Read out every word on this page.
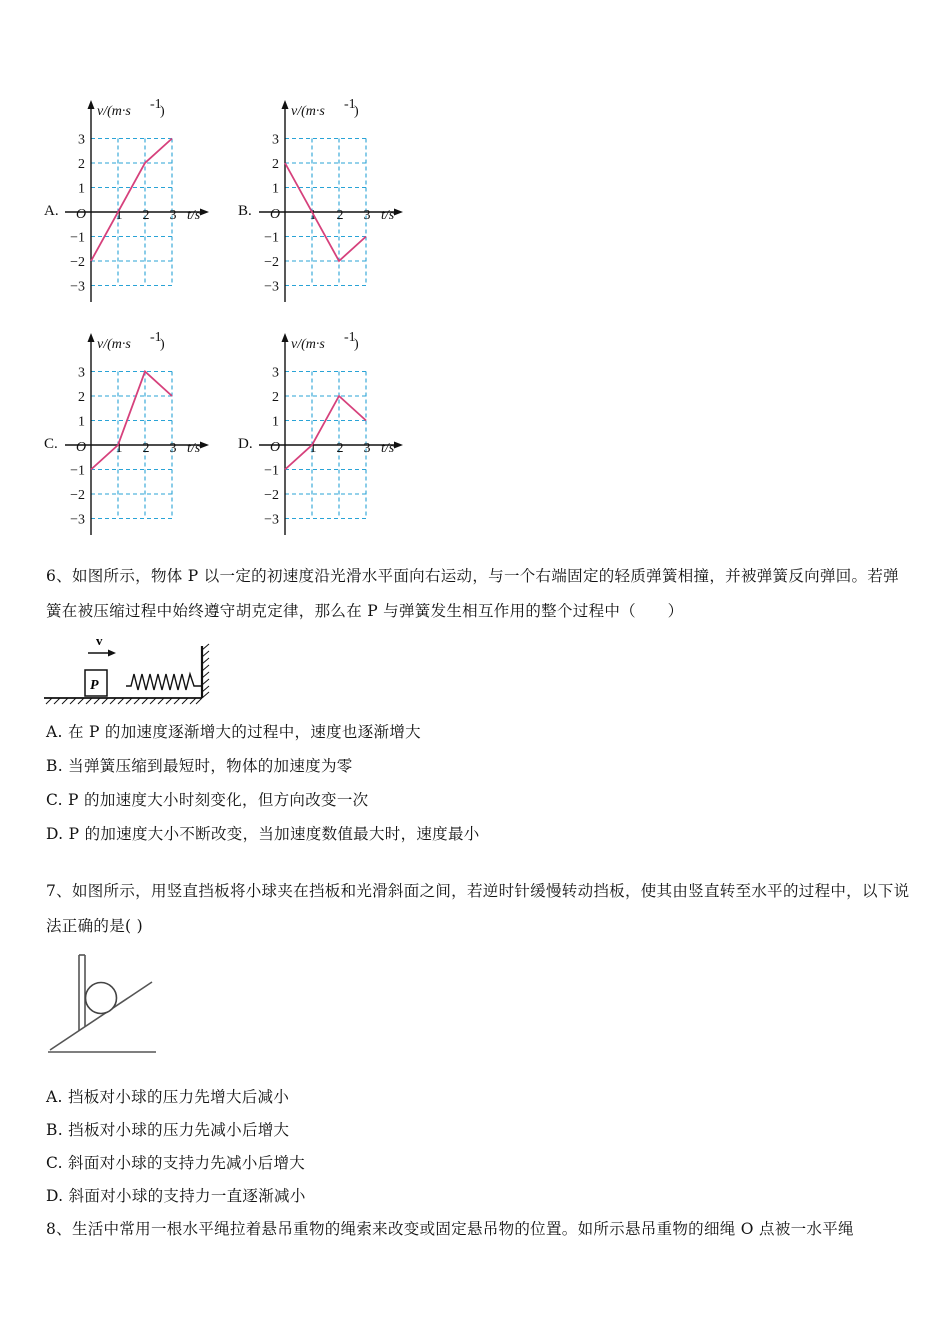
A.
v/(m·s -1
)
t/s
O
3
2
1
−1
−2
−3
1 2 3	B.
v/(m·s -1
)
t/s
O
3
2
1
−1
−2
−3
1 2 3
C.
v/(m·s -1
)
t/s
O
3
2
1
−1
−2
−3
1 2 3	D.
v/(m·s -1
)
t/s
O
3
2
1
−1
−2
−3
1 2 3
6、如图所示，物体 P 以一定的初速度沿光滑水平面向右运动，与一个右端固定的轻质弹簧相撞，并被弹簧反向弹回。若弹簧在被压缩过程中始终遵守胡克定律，那么在 P 与弹簧发生相互作用的整个过程中（　　）
P
v
A. 在 P 的加速度逐渐增大的过程中，速度也逐渐增大
B. 当弹簧压缩到最短时，物体的加速度为零
C. P 的加速度大小时刻变化，但方向改变一次
D. P 的加速度大小不断改变，当加速度数值最大时，速度最小
7、如图所示，用竖直挡板将小球夹在挡板和光滑斜面之间，若逆时针缓慢转动挡板，使其由竖直转至水平的过程中，以下说法正确的是( )
A. 挡板对小球的压力先增大后减小
B. 挡板对小球的压力先减小后增大
C. 斜面对小球的支持力先减小后增大
D. 斜面对小球的支持力一直逐渐减小
8、生活中常用一根水平绳拉着悬吊重物的绳索来改变或固定悬吊物的位置。如所示悬吊重物的细绳 O 点被一水平绳
